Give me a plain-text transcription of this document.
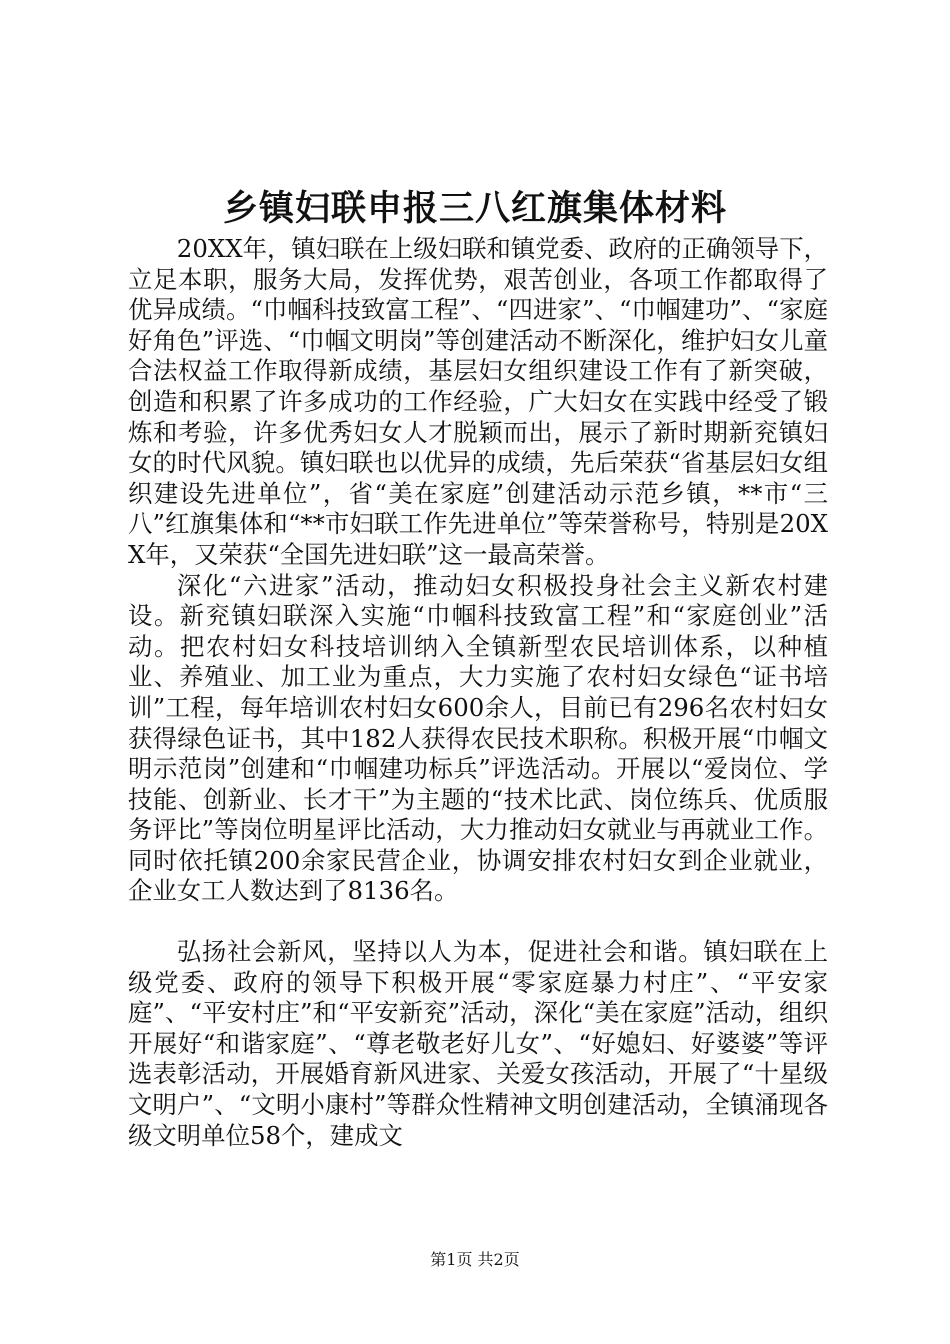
乡镇妇联申报三八红旗集体材料

20XX年，镇妇联在上级妇联和镇党委、政府的正确领导下，立足本职，服务大局，发挥优势，艰苦创业，各项工作都取得了优异成绩。“巾帼科技致富工程”、“四进家”、“巾帼建功”、“家庭好角色”评选、“巾帼文明岗”等创建活动不断深化，维护妇女儿童合法权益工作取得新成绩，基层妇女组织建设工作有了新突破，创造和积累了许多成功的工作经验，广大妇女在实践中经受了锻炼和考验，许多优秀妇女人才脱颖而出，展示了新时期新兖镇妇女的时代风貌。镇妇联也以优异的成绩，先后荣获“省基层妇女组织建设先进单位”，省“美在家庭”创建活动示范乡镇，**市“三八”红旗集体和“**市妇联工作先进单位”等荣誉称号，特别是20XX年，又荣获“全国先进妇联”这一最高荣誉。

深化“六进家”活动，推动妇女积极投身社会主义新农村建设。新兖镇妇联深入实施“巾帼科技致富工程”和“家庭创业”活动。把农村妇女科技培训纳入全镇新型农民培训体系，以种植业、养殖业、加工业为重点，大力实施了农村妇女绿色“证书培训”工程，每年培训农村妇女600余人，目前已有296名农村妇女获得绿色证书，其中182人获得农民技术职称。积极开展“巾帼文明示范岗”创建和“巾帼建功标兵”评选活动。开展以“爱岗位、学技能、创新业、长才干”为主题的“技术比武、岗位练兵、优质服务评比”等岗位明星评比活动，大力推动妇女就业与再就业工作。同时依托镇200余家民营企业，协调安排农村妇女到企业就业，企业女工人数达到了8136名。

弘扬社会新风，坚持以人为本，促进社会和谐。镇妇联在上级党委、政府的领导下积极开展“零家庭暴力村庄”、“平安家庭”、“平安村庄”和“平安新兖”活动，深化“美在家庭”活动，组织开展好“和谐家庭”、“尊老敬老好儿女”、“好媳妇、好婆婆”等评选表彰活动，开展婚育新风进家、关爱女孩活动，开展了“十星级文明户”、“文明小康村”等群众性精神文明创建活动，全镇涌现各级文明单位58个，建成文

第1页 共2页
